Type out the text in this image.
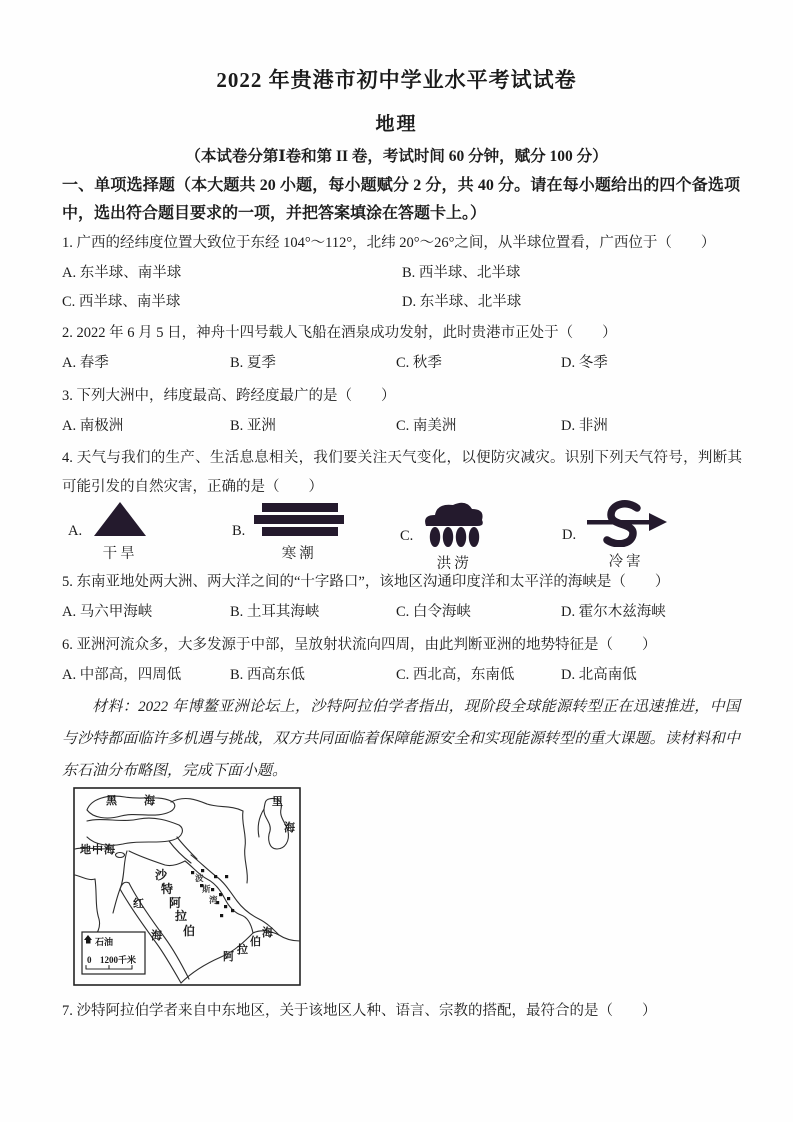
2022 年贵港市初中学业水平考试试卷
地理
（本试卷分第Ⅰ卷和第 II 卷，考试时间 60 分钟，赋分 100 分）
一、单项选择题（本大题共 20 小题，每小题赋分 2 分，共 40 分。请在每小题给出的四个备选项中，选出符合题目要求的一项，并把答案填涂在答题卡上。）
1. 广西的经纬度位置大致位于东经 104°～112°，北纬 20°～26°之间，从半球位置看，广西位于（　　）
A. 东半球、南半球	B. 西半球、北半球
C. 西半球、南半球	D. 东半球、北半球
2. 2022 年 6 月 5 日，神舟十四号载人飞船在酒泉成功发射，此时贵港市正处于（　　）
A. 春季	B. 夏季	C. 秋季	D. 冬季
3. 下列大洲中，纬度最高、跨经度最广的是（　　）
A. 南极洲	B. 亚洲	C. 南美洲	D. 非洲
4. 天气与我们的生产、生活息息相关，我们要关注天气变化，以便防灾减灾。识别下列天气符号，判断其可能引发的自然灾害，正确的是（　　）
A.
干旱
B.
寒潮
C.
洪涝
D.
冷害
5. 东南亚地处两大洲、两大洋之间的“十字路口”，该地区沟通印度洋和太平洋的海峡是（　　）
A. 马六甲海峡	B. 土耳其海峡	C. 白令海峡	D. 霍尔木兹海峡
6. 亚洲河流众多，大多发源于中部，呈放射状流向四周，由此判断亚洲的地势特征是（　　）
A. 中部高，四周低	B. 西高东低	C. 西北高，东南低	D. 北高南低
材料：2022 年博鳌亚洲论坛上，沙特阿拉伯学者指出，现阶段全球能源转型正在迅速推进，中国与沙特都面临许多机遇与挑战，双方共同面临着保障能源安全和实现能源转型的重大课题。读材料和中东石油分布略图，完成下面小题。
黑 海	里
海
地中海
沙
特
阿
拉
伯
红
海
波
斯
湾
阿
拉
伯
海
石油
0 1200千米
7. 沙特阿拉伯学者来自中东地区，关于该地区人种、语言、宗教的搭配，最符合的是（　　）
